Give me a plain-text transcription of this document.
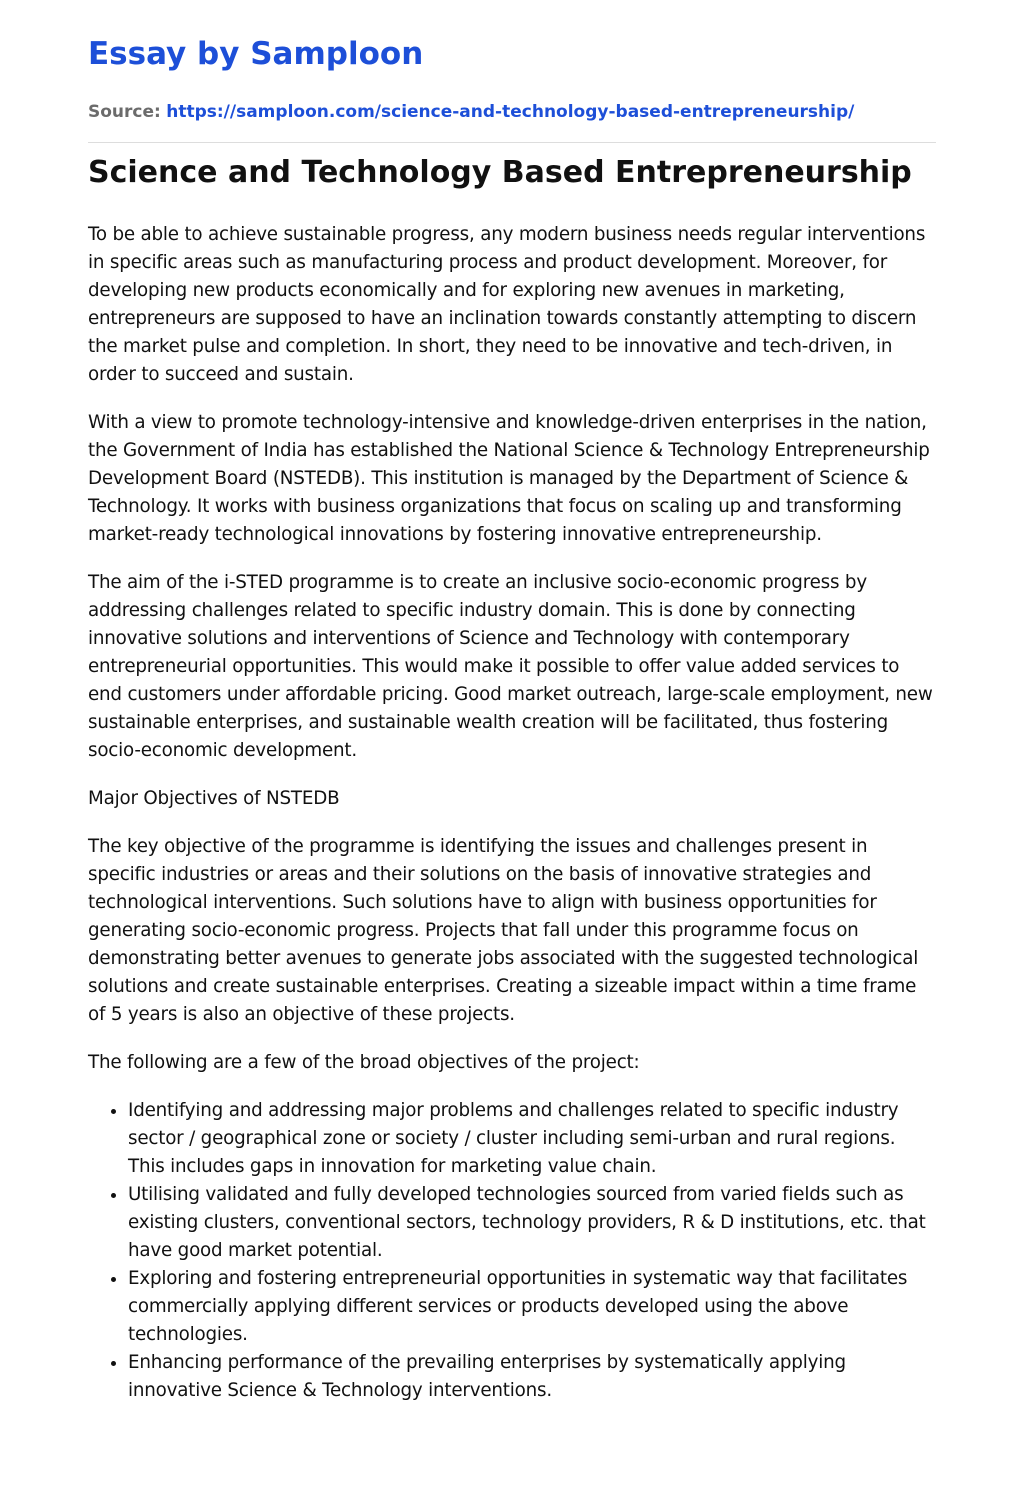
Essay by Samploon
Source: https://samploon.com/science-and-technology-based-entrepreneurship/
Science and Technology Based Entrepreneurship

To be able to achieve sustainable progress, any modern business needs regular interventions in specific areas such as manufacturing process and product development. Moreover, for developing new products economically and for exploring new avenues in marketing, entrepreneurs are supposed to have an inclination towards constantly attempting to discern the market pulse and completion. In short, they need to be innovative and tech-driven, in order to succeed and sustain.

With a view to promote technology-intensive and knowledge-driven enterprises in the nation, the Government of India has established the National Science & Technology Entrepreneurship Development Board (NSTEDB). This institution is managed by the Department of Science & Technology. It works with business organizations that focus on scaling up and transforming market-ready technological innovations by fostering innovative entrepreneurship.

The aim of the i-STED programme is to create an inclusive socio-economic progress by addressing challenges related to specific industry domain. This is done by connecting innovative solutions and interventions of Science and Technology with contemporary entrepreneurial opportunities. This would make it possible to offer value added services to end customers under affordable pricing. Good market outreach, large-scale employment, new sustainable enterprises, and sustainable wealth creation will be facilitated, thus fostering socio-economic development.

Major Objectives of NSTEDB

The key objective of the programme is identifying the issues and challenges present in specific industries or areas and their solutions on the basis of innovative strategies and technological interventions. Such solutions have to align with business opportunities for generating socio-economic progress. Projects that fall under this programme focus on demonstrating better avenues to generate jobs associated with the suggested technological solutions and create sustainable enterprises. Creating a sizeable impact within a time frame of 5 years is also an objective of these projects.

The following are a few of the broad objectives of the project:

• Identifying and addressing major problems and challenges related to specific industry sector / geographical zone or society / cluster including semi-urban and rural regions. This includes gaps in innovation for marketing value chain.
• Utilising validated and fully developed technologies sourced from varied fields such as existing clusters, conventional sectors, technology providers, R & D institutions, etc. that have good market potential.
• Exploring and fostering entrepreneurial opportunities in systematic way that facilitates commercially applying different services or products developed using the above technologies.
• Enhancing performance of the prevailing enterprises by systematically applying innovative Science & Technology interventions.
